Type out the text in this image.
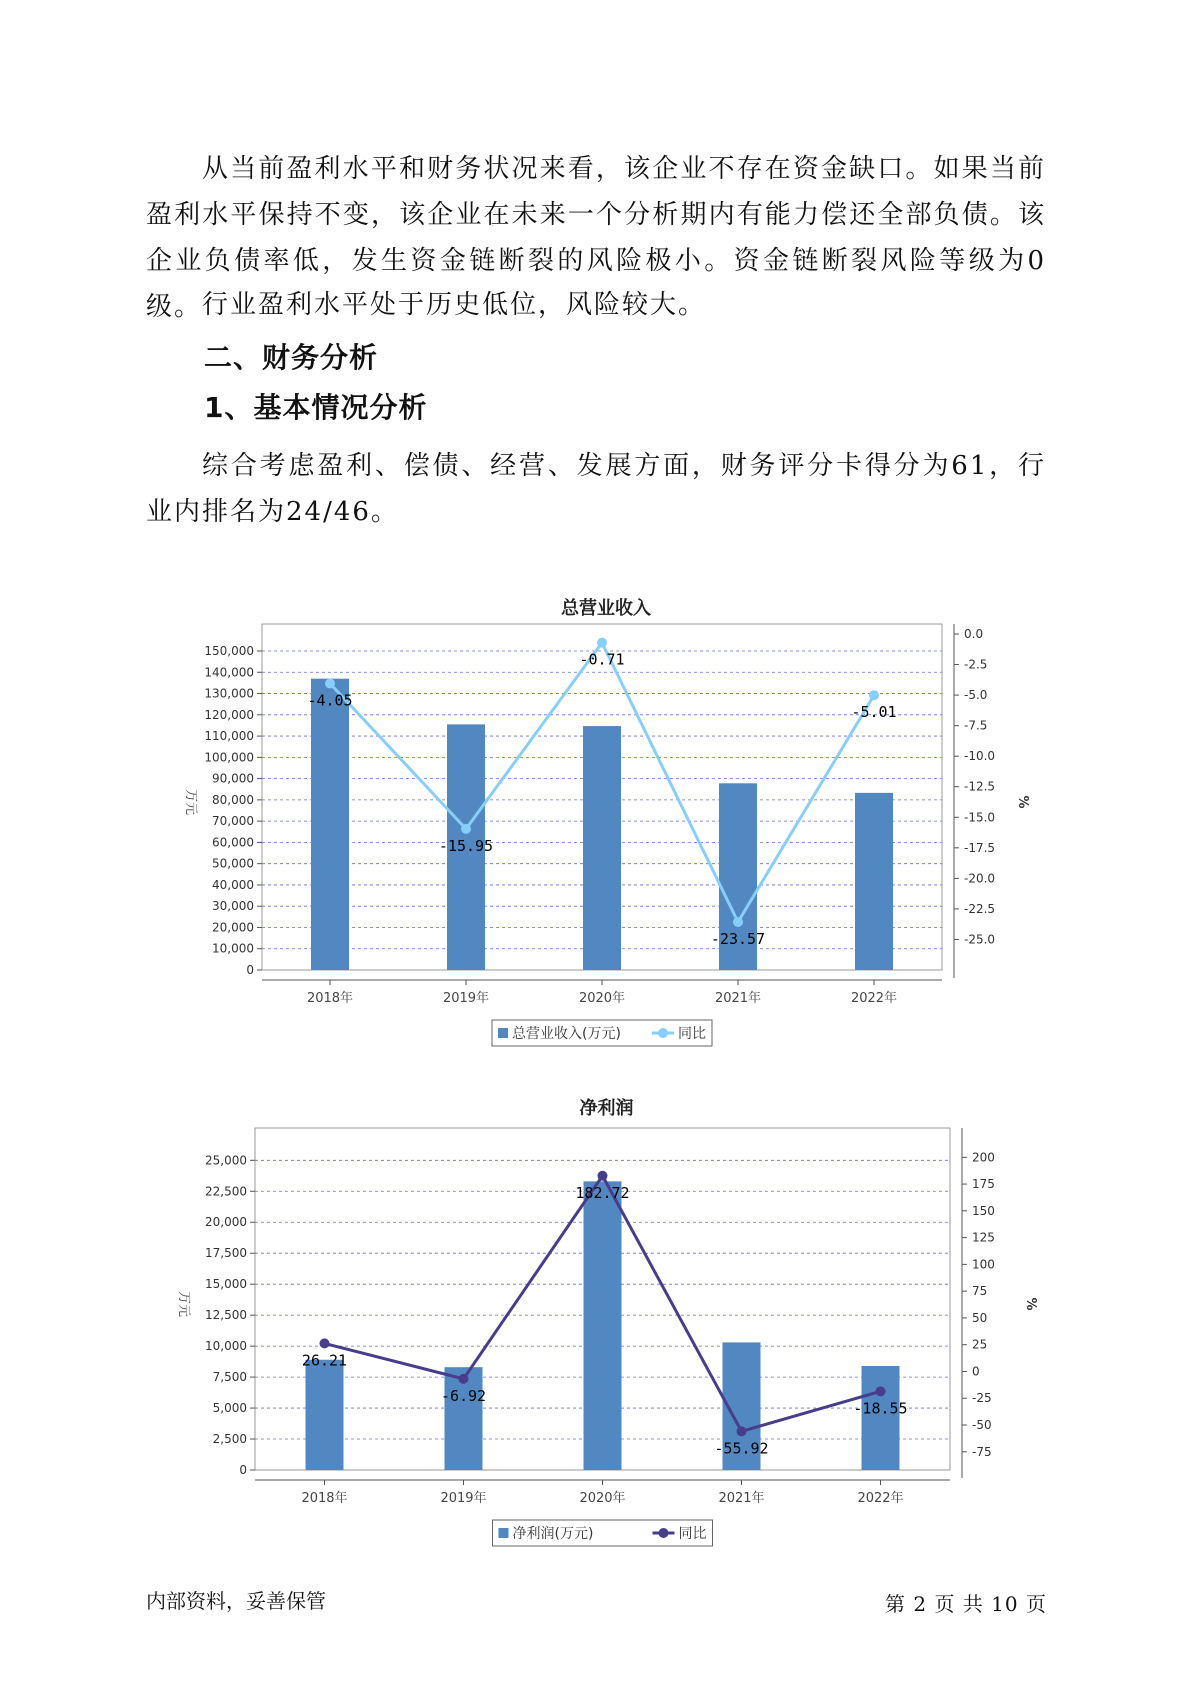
从当前盈利水平和财务状况来看，该企业不存在资金缺口。如果当前盈利水平保持不变，该企业在未来一个分析期内有能力偿还全部负债。该企业负债率低，发生资金链断裂的风险极小。资金链断裂风险等级为0级。 行业盈利水平处于历史低位，风险较大。

二、财务分析
1、基本情况分析

综合考虑盈利、偿债、经营、发展方面，财务评分卡得分为61，行业内排名为24/46。

总营业收入
0
10,000
20,000
30,000
40,000
50,000
60,000
70,000
80,000
90,000
100,000
110,000
120,000
130,000
140,000
150,000
万元
0.0
-2.5
-5.0
-7.5
-10.0
-12.5
-15.0
-17.5
-20.0
-22.5
-25.0
%
2018年	2019年	2020年	2021年	2022年
-4.05
-15.95
-0.71
-23.57
-5.01
总营业收入(万元)	同比
净利润
0
2,500
5,000
7,500
10,000
12,500
15,000
17,500
20,000
22,500
25,000
万元
200
175
150
125
100
75
50
25
0
-25
-50
-75
%
2018年	2019年	2020年	2021年	2022年
26.21
-6.92
182.72
-55.92
-18.55
净利润(万元)	同比
内部资料，妥善保管	第 2 页 共 10 页
